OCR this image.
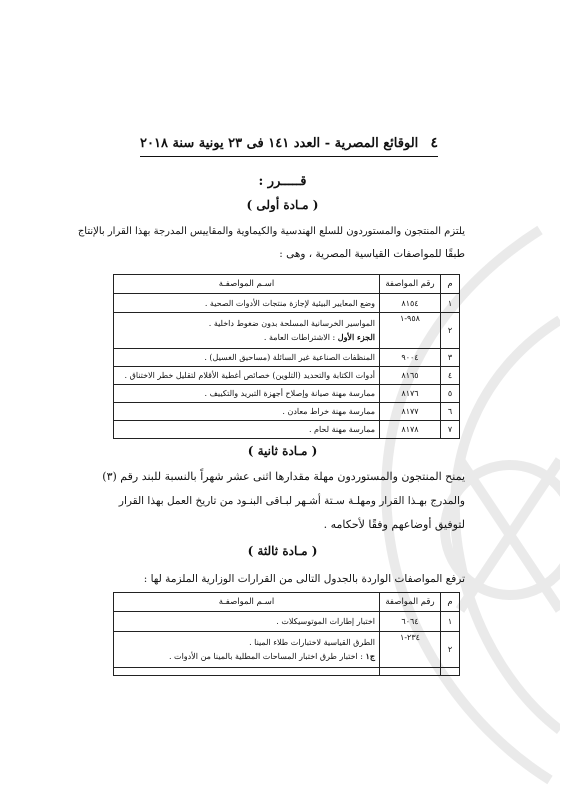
الوقائع المصرية - العدد ١٤١ فى ٢٣ يونية سنة ٢٠١٨ ٤
قـــــرر :
( مـادة أولى )
يلتزم المنتجون والمستوردون للسلع الهندسية والكيماوية والمقاييس المدرجة بهذا القرار بالإنتاج
طبقًا للمواصفات القياسية المصرية ، وهى :
م	رقم المواصفة	اسـم المواصفـة
١	٨١٥٤	وضع المعايير البيئية لإجازة منتجات الأدوات الصحية .
٢	٩٥٨-١	المواسير الخرسانية المسلحة بدون ضغوط داخلية .
الجزء الأول : الاشتراطات العامة .

٣	٩٠٠٤	المنظفات الصناعية غير السائلة (مساحيق الغسيل) .
٤	٨١٦٥	أدوات الكتابة والتحديد (التلوين) خصائص أغطية الأقلام لتقليل خطر الاختناق .
٥	٨١٧٦	ممارسة مهنة صيانة وإصلاح أجهزة التبريد والتكييف .
٦	٨١٧٧	ممارسة مهنة خراط معادن .
٧	٨١٧٨	ممارسة مهنة لحام .
( مـادة ثانية )
يمنح المنتجون والمستوردون مهلة مقدارها اثنى عشر شهراً بالنسبة للبند رقم (٣)
والمدرج بهـذا القرار ومهلـة سـتة أشـهر لبـاقى البنـود من تاريخ العمل بهذا القرار
لتوفيق أوضاعهم وفقًا لأحكامه .
( مـادة ثالثة )
ترفع المواصفات الواردة بالجدول التالى من القرارات الوزارية الملزمة لها :
م	رقم المواصفة	اسـم المواصفـة
١	٦٠٦٤	اختبار إطارات الموتوسيكلات .
٢	٢٣٤-١	الطرق القياسية لاختبارات طلاء المينا .
ج١ : اختبار طرق اختبار المساحات المطلية بالمينا من الأدوات .
